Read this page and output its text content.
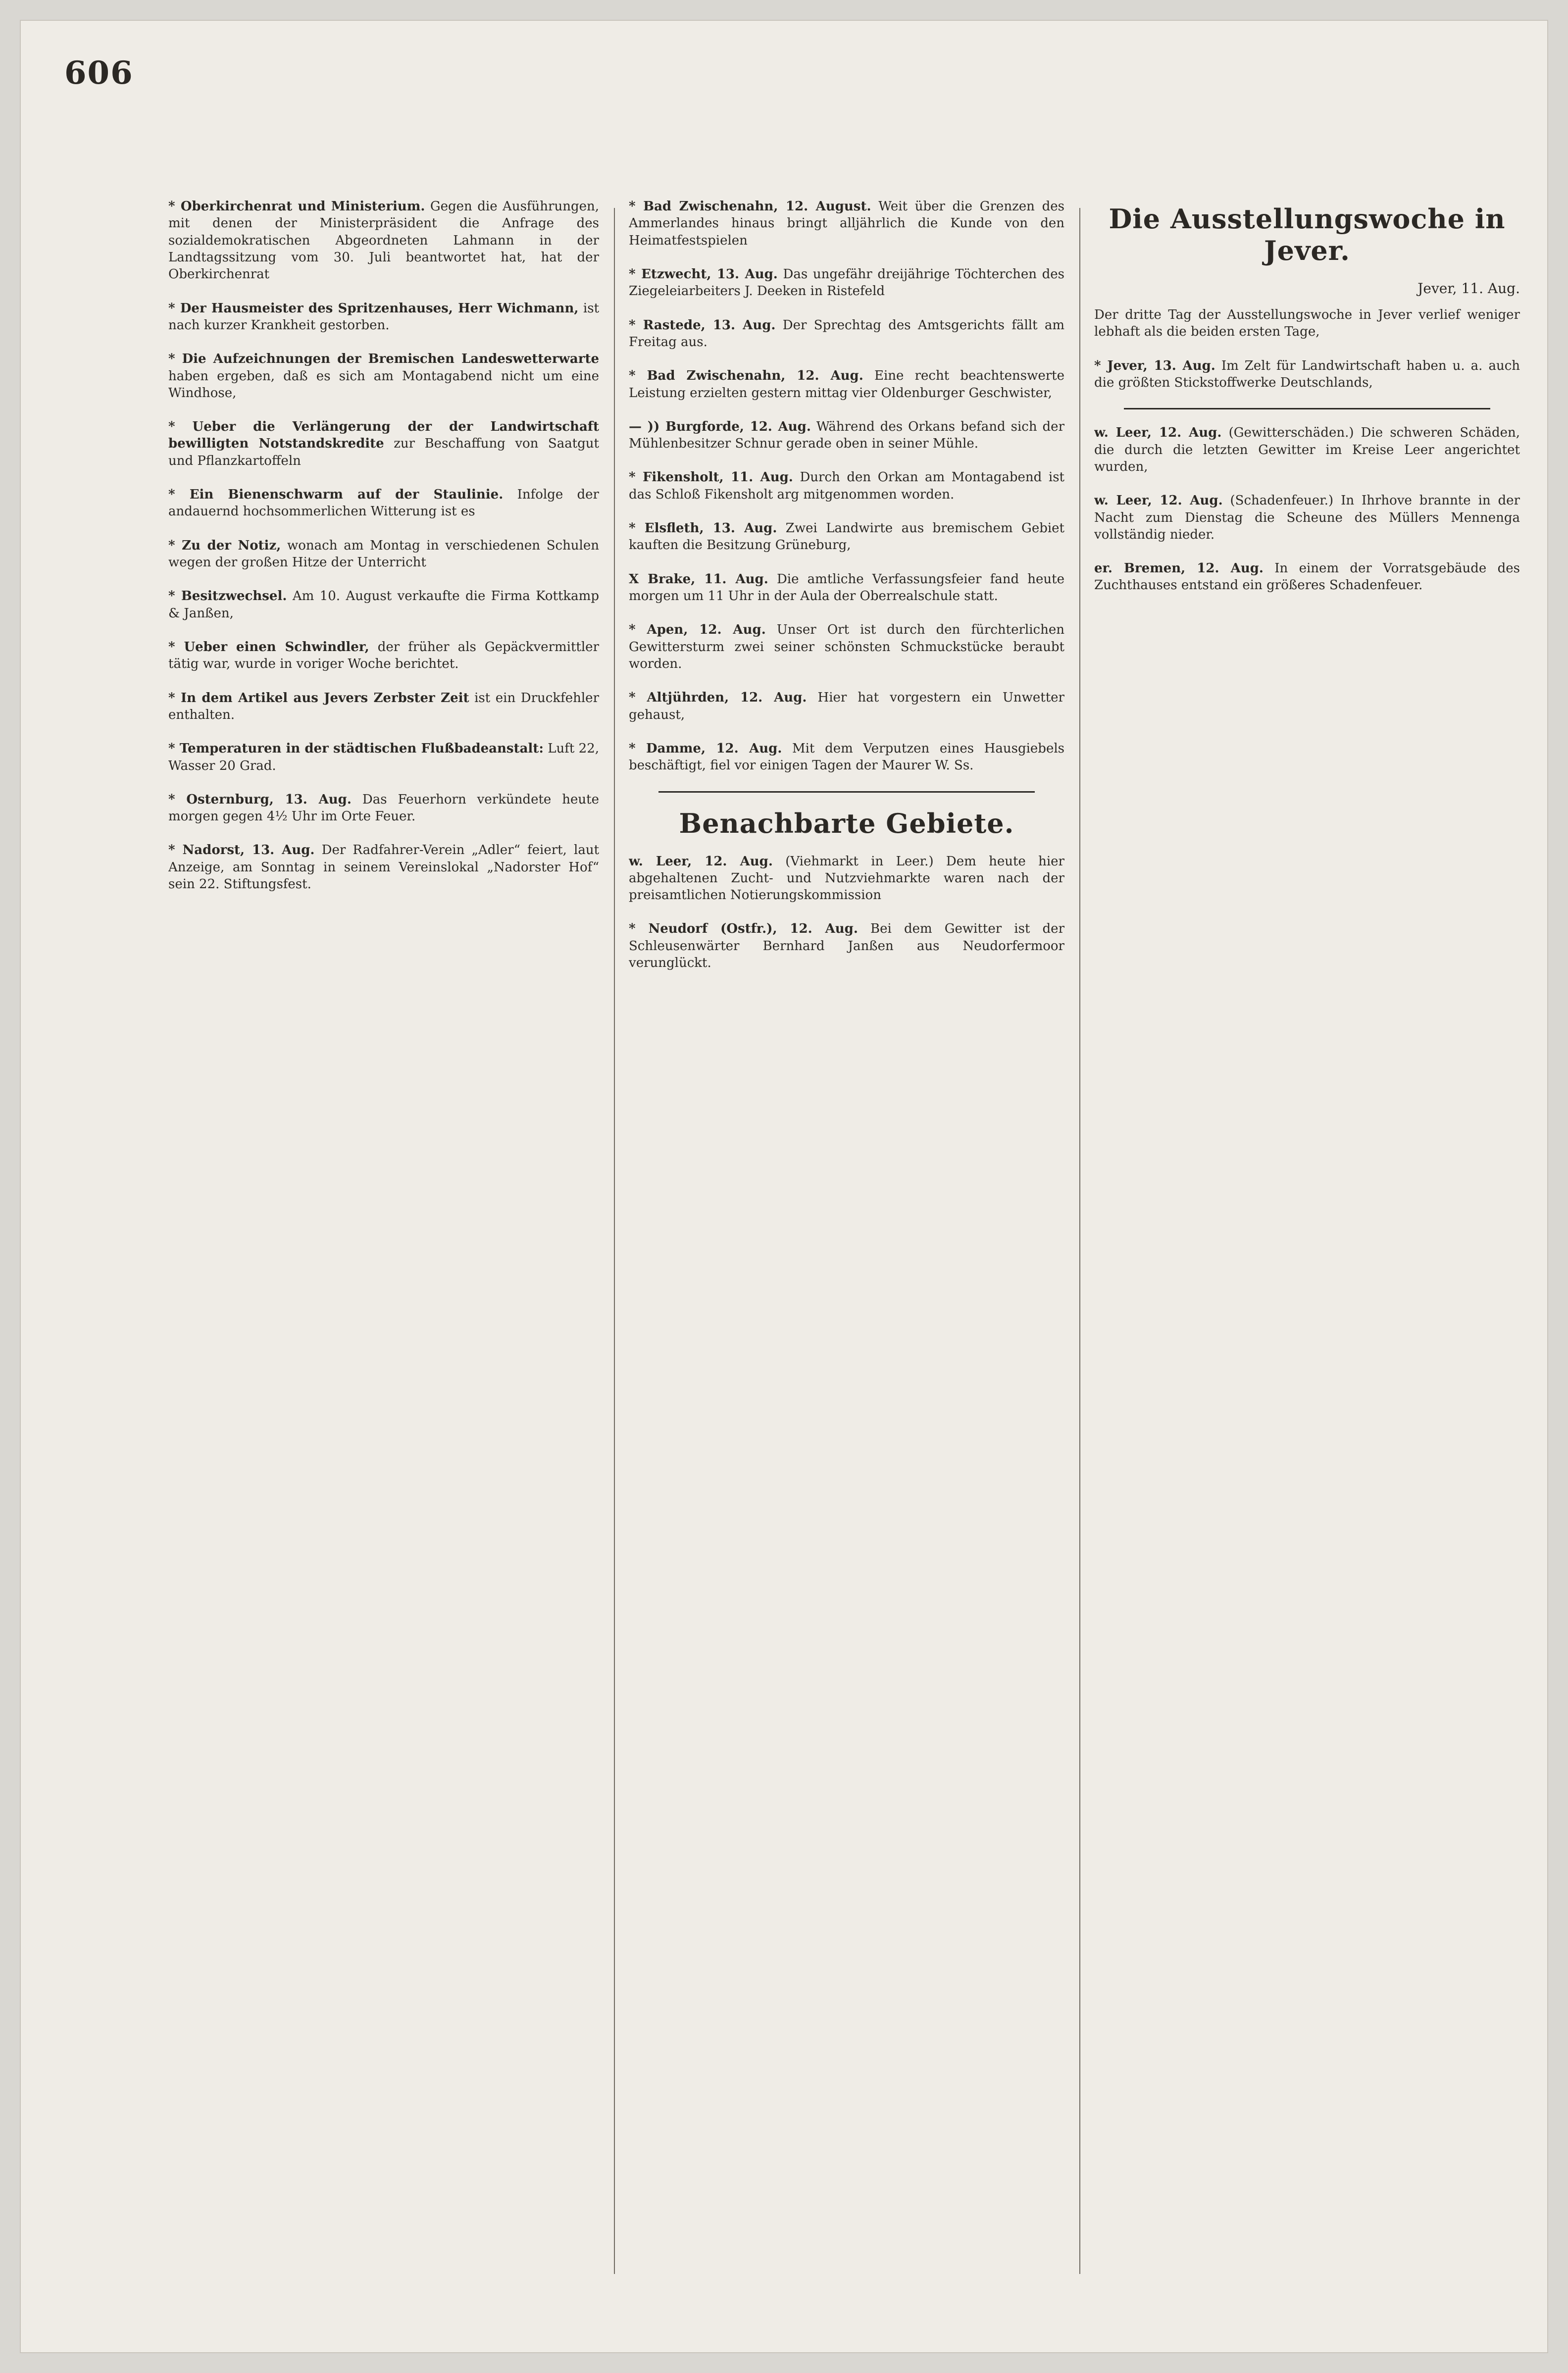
606

* Oberkirchenrat und Ministerium. Gegen die Ausführungen, mit denen der Ministerpräsident die Anfrage des sozialdemokratischen Abgeordneten Lahmann in der Landtagssitzung vom 30. Juli beantwortet hat, hat der Oberkirchenrat

* Der Hausmeister des Spritzenhauses, Herr Wichmann, ist nach kurzer Krankheit gestorben.

* Die Aufzeichnungen der Bremischen Landeswetterwarte haben ergeben, daß es sich am Montagabend nicht um eine Windhose,

* Ueber die Verlängerung der der Landwirtschaft bewilligten Notstandskredite zur Beschaffung von Saatgut und Pflanzkartoffeln

* Ein Bienenschwarm auf der Staulinie. Infolge der andauernd hochsommerlichen Witterung ist es

* Zu der Notiz, wonach am Montag in verschiedenen Schulen wegen der großen Hitze der Unterricht

* Besitzwechsel. Am 10. August verkaufte die Firma Kottkamp & Janßen,

* Ueber einen Schwindler, der früher als Gepäckvermittler tätig war, wurde in voriger Woche berichtet.

* In dem Artikel aus Jevers Zerbster Zeit ist ein Druckfehler enthalten.

* Temperaturen in der städtischen Flußbadeanstalt: Luft 22, Wasser 20 Grad.

* Osternburg, 13. Aug. Das Feuerhorn verkündete heute morgen gegen 4½ Uhr im Orte Feuer.

* Nadorst, 13. Aug. Der Radfahrer-Verein „Adler“ feiert, laut Anzeige, am Sonntag in seinem Vereinslokal „Nadorster Hof“ sein 22. Stiftungsfest.

* Bad Zwischenahn, 12. August. Weit über die Grenzen des Ammerlandes hinaus bringt alljährlich die Kunde von den Heimatfestspielen

* Etzwecht, 13. Aug. Das ungefähr dreijährige Töchterchen des Ziegeleiarbeiters J. Deeken in Ristefeld

* Rastede, 13. Aug. Der Sprechtag des Amtsgerichts fällt am Freitag aus.

* Bad Zwischenahn, 12. Aug. Eine recht beachtenswerte Leistung erzielten gestern mittag vier Oldenburger Geschwister,

— )) Burgforde, 12. Aug. Während des Orkans befand sich der Mühlenbesitzer Schnur gerade oben in seiner Mühle.

* Fikensholt, 11. Aug. Durch den Orkan am Montagabend ist das Schloß Fikensholt arg mitgenommen worden.

* Elsfleth, 13. Aug. Zwei Landwirte aus bremischem Gebiet kauften die Besitzung Grüneburg,

X Brake, 11. Aug. Die amtliche Verfassungsfeier fand heute morgen um 11 Uhr in der Aula der Oberrealschule statt.

* Apen, 12. Aug. Unser Ort ist durch den fürchterlichen Gewittersturm zwei seiner schönsten Schmuckstücke beraubt worden.

* Altjührden, 12. Aug. Hier hat vorgestern ein Unwetter gehaust,

* Damme, 12. Aug. Mit dem Verputzen eines Hausgiebels beschäftigt, fiel vor einigen Tagen der Maurer W. Ss.

Benachbarte Gebiete.

w. Leer, 12. Aug. (Viehmarkt in Leer.) Dem heute hier abgehaltenen Zucht- und Nutzviehmarkte waren nach der preisamtlichen Notierungskommission

* Neudorf (Ostfr.), 12. Aug. Bei dem Gewitter ist der Schleusenwärter Bernhard Janßen aus Neudorfermoor verunglückt.

Die Ausstellungswoche in Jever.
Jever, 11. Aug.

Der dritte Tag der Ausstellungswoche in Jever verlief weniger lebhaft als die beiden ersten Tage,

* Jever, 13. Aug. Im Zelt für Landwirtschaft haben u. a. auch die größten Stickstoffwerke Deutschlands,

w. Leer, 12. Aug. (Gewitterschäden.) Die schweren Schäden, die durch die letzten Gewitter im Kreise Leer angerichtet wurden,

w. Leer, 12. Aug. (Schadenfeuer.) In Ihrhove brannte in der Nacht zum Dienstag die Scheune des Müllers Mennenga vollständig nieder.

er. Bremen, 12. Aug. In einem der Vorratsgebäude des Zuchthauses entstand ein größeres Schadenfeuer.
